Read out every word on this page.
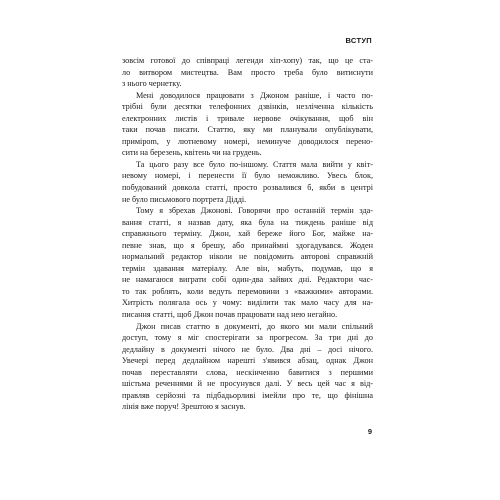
ВСТУП
зовсім готової до співпраці легенди хіп-хопу) так, що це ста-
ло витвором мистецтва. Вам просто треба було витиснути
з нього чернетку.
Мені доводилося працювати з Джоном раніше, і часто по-
трібні були десятки телефонних дзвінків, незліченна кількість
електронних листів і тривале нервове очікування, щоб він
таки почав писати. Статтю, яку ми планували опублікувати,
примірom, у лютневому номері, неминуче доводилося перено-
сити на березень, квітень чи на грудень.
Та цього разу все було по-іншому. Стаття мала вийти у квіт-
невому номері, і перенести її було неможливо. Увесь блок,
побудований довкола статті, просто розвалився б, якби в центрі
не було письмового портрета Дідді.
Тому я збрехав Джонові. Говорячи про останній термін зда-
вання статті, я назвав дату, яка була на тиждень раніше від
справжнього терміну. Джон, хай береже його Бог, майже на-
певне знав, що я брешу, або принаймні здогадувався. Жоден
нормальний редактор ніколи не повідомить авторові справжній
термін здавання матеріалу. Але він, мабуть, подумав, що я
не намагаюся виграти собі один-два зайвих дні. Редактори час-
то так роблять, коли ведуть перемовини з «важкими» авторами.
Хитрість полягала ось у чому: виділити так мало часу для на-
писання статті, щоб Джон почав працювати над нею негайно.
Джон писав статтю в документі, до якого ми мали спільний
доступ, тому я міг спостерігати за прогресом. За три дні до
дедлайну в документі нічого не було. Два дні – досі нічого.
Увечері перед дедлайном нарешті з'явився абзац, однак Джон
почав переставляти слова, нескінченно бавитися з першими
шістьма реченнями й не просунувся далі. У весь цей час я від-
правляв серйозні та підбадьорливі імейли про те, що фінішна
лінія вже поруч! Зрештою я заснув.
9
